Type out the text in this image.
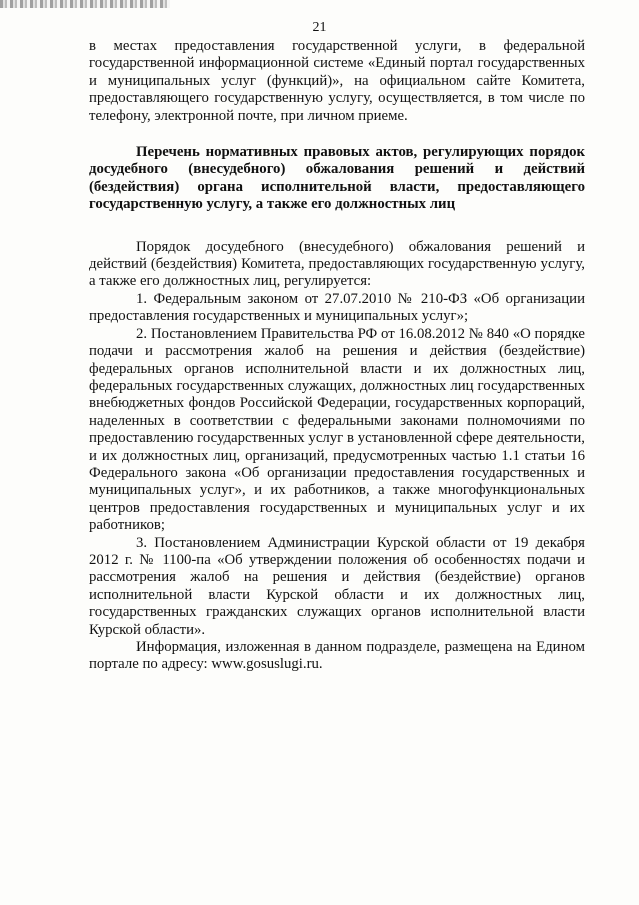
21

в местах предоставления государственной услуги, в федеральной государственной информационной системе «Единый портал государственных и муниципальных услуг (функций)», на официальном сайте Комитета, предоставляющего государственную услугу, осуществляется, в том числе по телефону, электронной почте, при личном приеме.

Перечень нормативных правовых актов, регулирующих порядок досудебного (внесудебного) обжалования решений и действий (бездействия) органа исполнительной власти, предоставляющего государственную услугу, а также его должностных лиц

Порядок досудебного (внесудебного) обжалования решений и действий (бездействия) Комитета, предоставляющих государственную услугу, а также его должностных лиц, регулируется:

1. Федеральным законом от 27.07.2010 № 210-ФЗ «Об организации предоставления государственных и муниципальных услуг»;

2. Постановлением Правительства РФ от 16.08.2012 № 840 «О порядке подачи и рассмотрения жалоб на решения и действия (бездействие) федеральных органов исполнительной власти и их должностных лиц, федеральных государственных служащих, должностных лиц государственных внебюджетных фондов Российской Федерации, государственных корпораций, наделенных в соответствии с федеральными законами полномочиями по предоставлению государственных услуг в установленной сфере деятельности, и их должностных лиц, организаций, предусмотренных частью 1.1 статьи 16 Федерального закона «Об организации предоставления государственных и муниципальных услуг», и их работников, а также многофункциональных центров предоставления государственных и муниципальных услуг и их работников;

3. Постановлением Администрации Курской области от 19 декабря 2012 г. № 1100-па «Об утверждении положения об особенностях подачи и рассмотрения жалоб на решения и действия (бездействие) органов исполнительной власти Курской области и их должностных лиц, государственных гражданских служащих органов исполнительной власти Курской области».

Информация, изложенная в данном подразделе, размещена на Едином портале по адресу: www.gosuslugi.ru.
